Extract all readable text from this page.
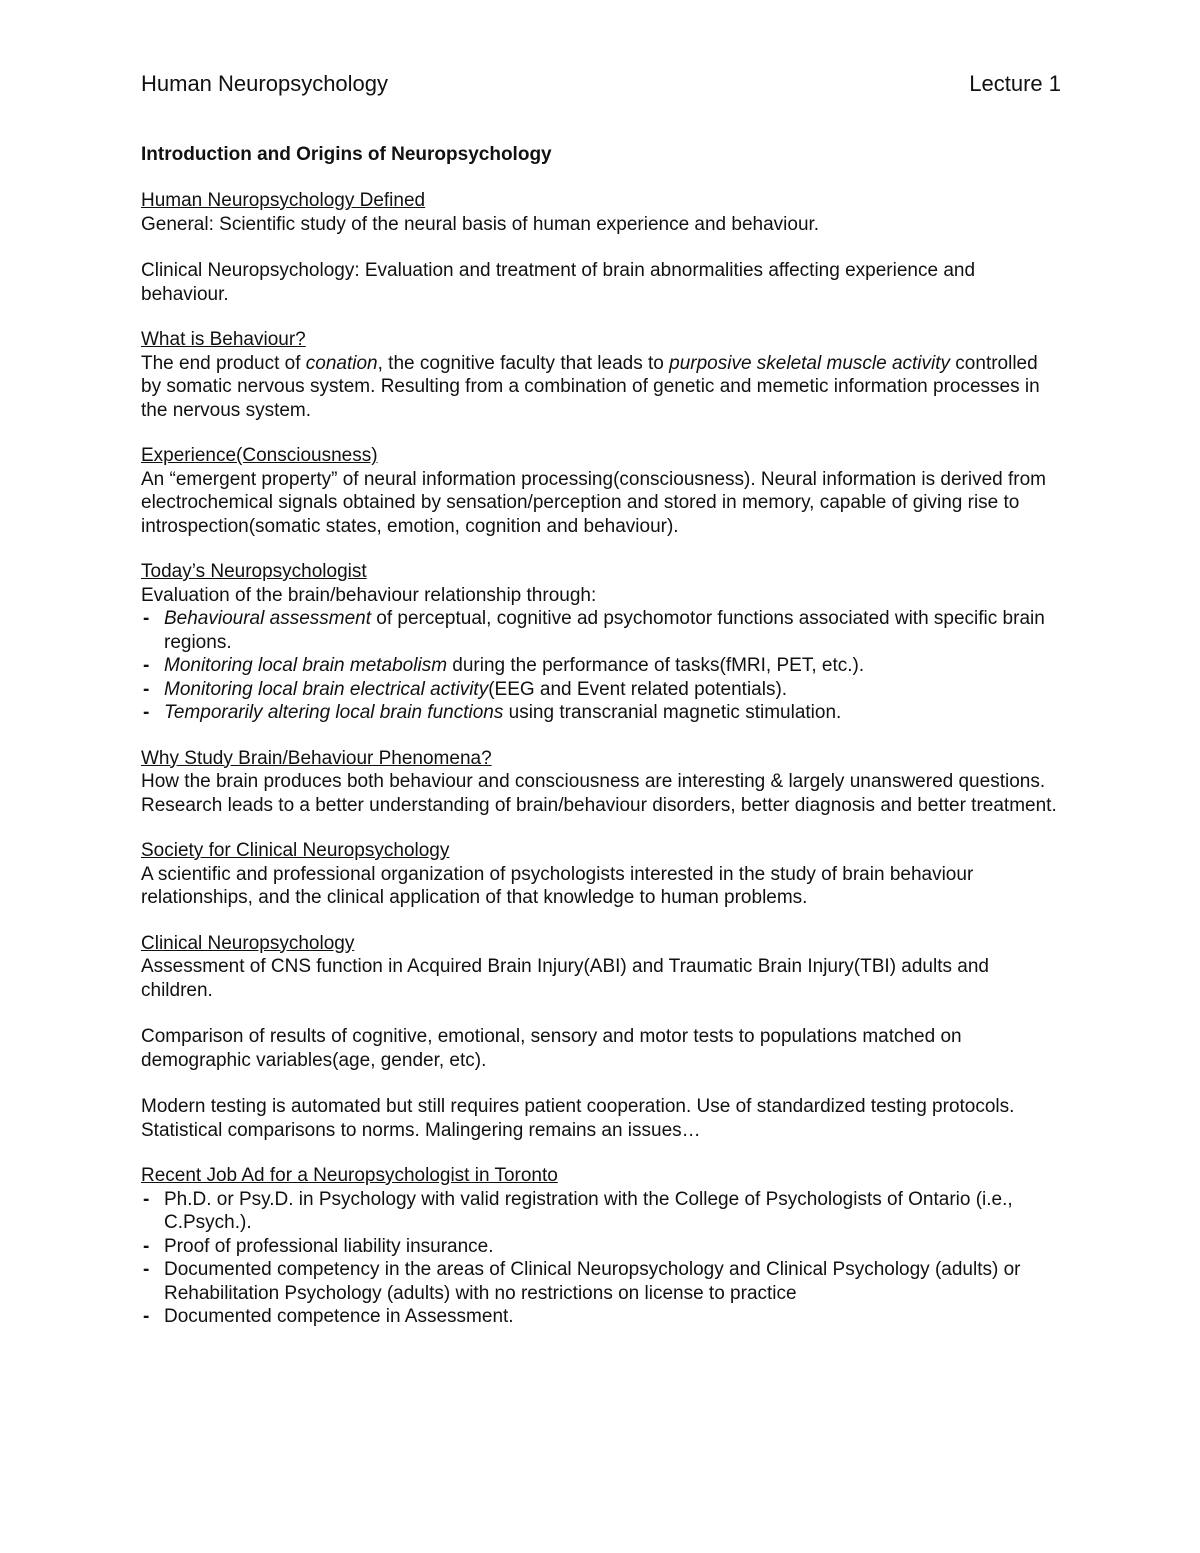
Human Neuropsychology	Lecture 1
Introduction and Origins of Neuropsychology
Human Neuropsychology Defined

General: Scientific study of the neural basis of human experience and behaviour.

Clinical Neuropsychology: Evaluation and treatment of brain abnormalities affecting experience and behaviour.

What is Behaviour?

The end product of conation, the cognitive faculty that leads to purposive skeletal muscle activity controlled by somatic nervous system. Resulting from a combination of genetic and memetic information processes in the nervous system.

Experience(Consciousness)

An “emergent property” of neural information processing(consciousness). Neural information is derived from electrochemical signals obtained by sensation/perception and stored in memory, capable of giving rise to introspection(somatic states, emotion, cognition and behaviour).

Today’s Neuropsychologist

Evaluation of the brain/behaviour relationship through:

- Behavioural assessment of perceptual, cognitive ad psychomotor functions associated with specific brain regions.
- Monitoring local brain metabolism during the performance of tasks(fMRI, PET, etc.).
- Monitoring local brain electrical activity(EEG and Event related potentials).
- Temporarily altering local brain functions using transcranial magnetic stimulation.
Why Study Brain/Behaviour Phenomena?

How the brain produces both behaviour and consciousness are interesting & largely unanswered questions. Research leads to a better understanding of brain/behaviour disorders, better diagnosis and better treatment.

Society for Clinical Neuropsychology

A scientific and professional organization of psychologists interested in the study of brain behaviour relationships, and the clinical application of that knowledge to human problems.

Clinical Neuropsychology

Assessment of CNS function in Acquired Brain Injury(ABI) and Traumatic Brain Injury(TBI) adults and children.

Comparison of results of cognitive, emotional, sensory and motor tests to populations matched on demographic variables(age, gender, etc).

Modern testing is automated but still requires patient cooperation. Use of standardized testing protocols. Statistical comparisons to norms. Malingering remains an issues…

Recent Job Ad for a Neuropsychologist in Toronto
- Ph.D. or Psy.D. in Psychology with valid registration with the College of Psychologists of Ontario (i.e., C.Psych.).
- Proof of professional liability insurance.
- Documented competency in the areas of Clinical Neuropsychology and Clinical Psychology (adults) or Rehabilitation Psychology (adults) with no restrictions on license to practice
- Documented competence in Assessment.
